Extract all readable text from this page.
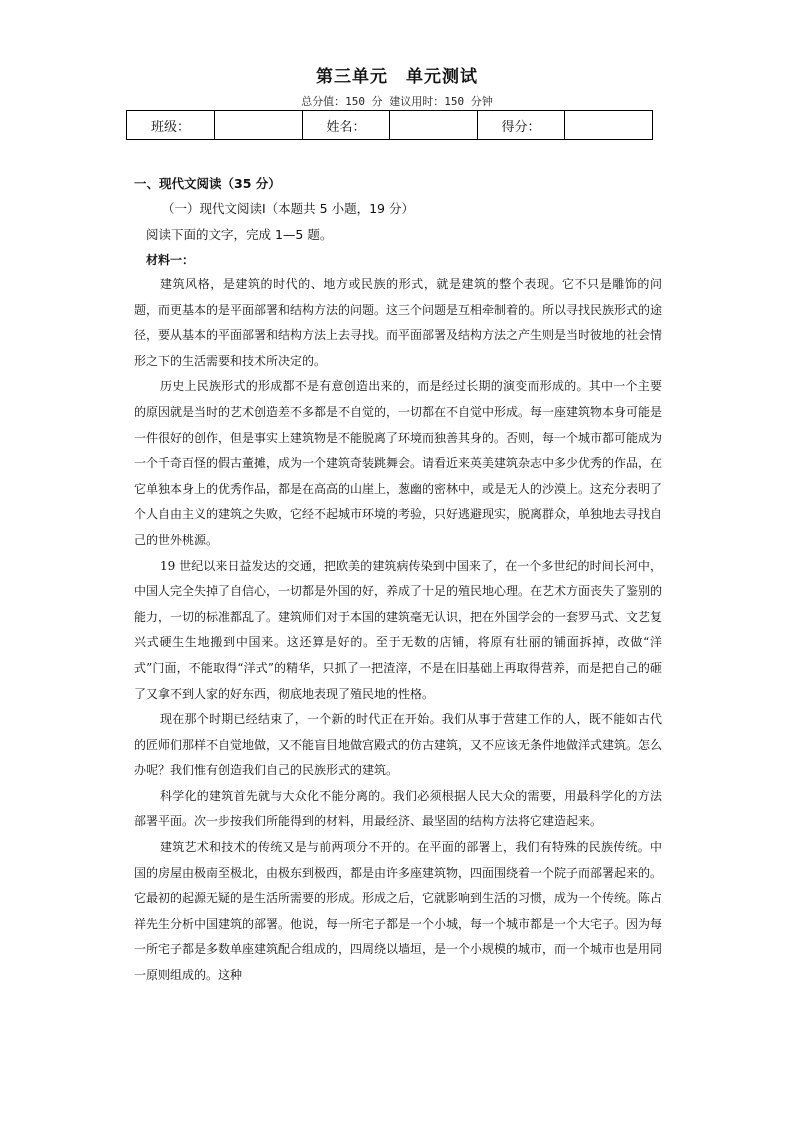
第三单元　单元测试
总分值：150 分 建议用时：150 分钟
班级：		姓名：		得分：	
一、现代文阅读（35 分）
（一）现代文阅读Ⅰ（本题共 5 小题，19 分）
阅读下面的文字，完成 1—5 题。
材料一：

建筑风格，是建筑的时代的、地方或民族的形式，就是建筑的整个表现。它不只是雕饰的问题，而更基本的是平面部署和结构方法的问题。这三个问题是互相牵制着的。所以寻找民族形式的途径，要从基本的平面部署和结构方法上去寻找。而平面部署及结构方法之产生则是当时彼地的社会情形之下的生活需要和技术所决定的。

历史上民族形式的形成都不是有意创造出来的，而是经过长期的演变而形成的。其中一个主要的原因就是当时的艺术创造差不多都是不自觉的，一切都在不自觉中形成。每一座建筑物本身可能是一件很好的创作，但是事实上建筑物是不能脱离了环境而独善其身的。否则，每一个城市都可能成为一个千奇百怪的假古董摊，成为一个建筑奇装跳舞会。请看近来英美建筑杂志中多少优秀的作品，在它单独本身上的优秀作品，都是在高高的山崖上，葱幽的密林中，或是无人的沙漠上。这充分表明了个人自由主义的建筑之失败，它经不起城市环境的考验，只好逃避现实，脱离群众，单独地去寻找自己的世外桃源。

19 世纪以来日益发达的交通，把欧美的建筑病传染到中国来了，在一个多世纪的时间长河中，中国人完全失掉了自信心，一切都是外国的好，养成了十足的殖民地心理。在艺术方面丧失了鉴别的能力，一切的标准都乱了。建筑师们对于本国的建筑毫无认识，把在外国学会的一套罗马式、文艺复兴式硬生生地搬到中国来。这还算是好的。至于无数的店铺，将原有壮丽的铺面拆掉，改做“洋式”门面，不能取得“洋式”的精华，只抓了一把渣滓，不是在旧基础上再取得营养，而是把自己的砸了又拿不到人家的好东西，彻底地表现了殖民地的性格。

现在那个时期已经结束了，一个新的时代正在开始。我们从事于营建工作的人，既不能如古代的匠师们那样不自觉地做，又不能盲目地做宫殿式的仿古建筑，又不应该无条件地做洋式建筑。怎么办呢？我们惟有创造我们自己的民族形式的建筑。

科学化的建筑首先就与大众化不能分离的。我们必须根据人民大众的需要，用最科学化的方法部署平面。次一步按我们所能得到的材料，用最经济、最坚固的结构方法将它建造起来。

建筑艺术和技术的传统又是与前两项分不开的。在平面的部署上，我们有特殊的民族传统。中国的房屋由极南至极北，由极东到极西，都是由许多座建筑物，四面围绕着一个院子而部署起来的。它最初的起源无疑的是生活所需要的形成。形成之后，它就影响到生活的习惯，成为一个传统。陈占祥先生分析中国建筑的部署。他说，每一所宅子都是一个小城，每一个城市都是一个大宅子。因为每一所宅子都是多数单座建筑配合组成的，四周绕以墙垣，是一个小规模的城市，而一个城市也是用同一原则组成的。这种
